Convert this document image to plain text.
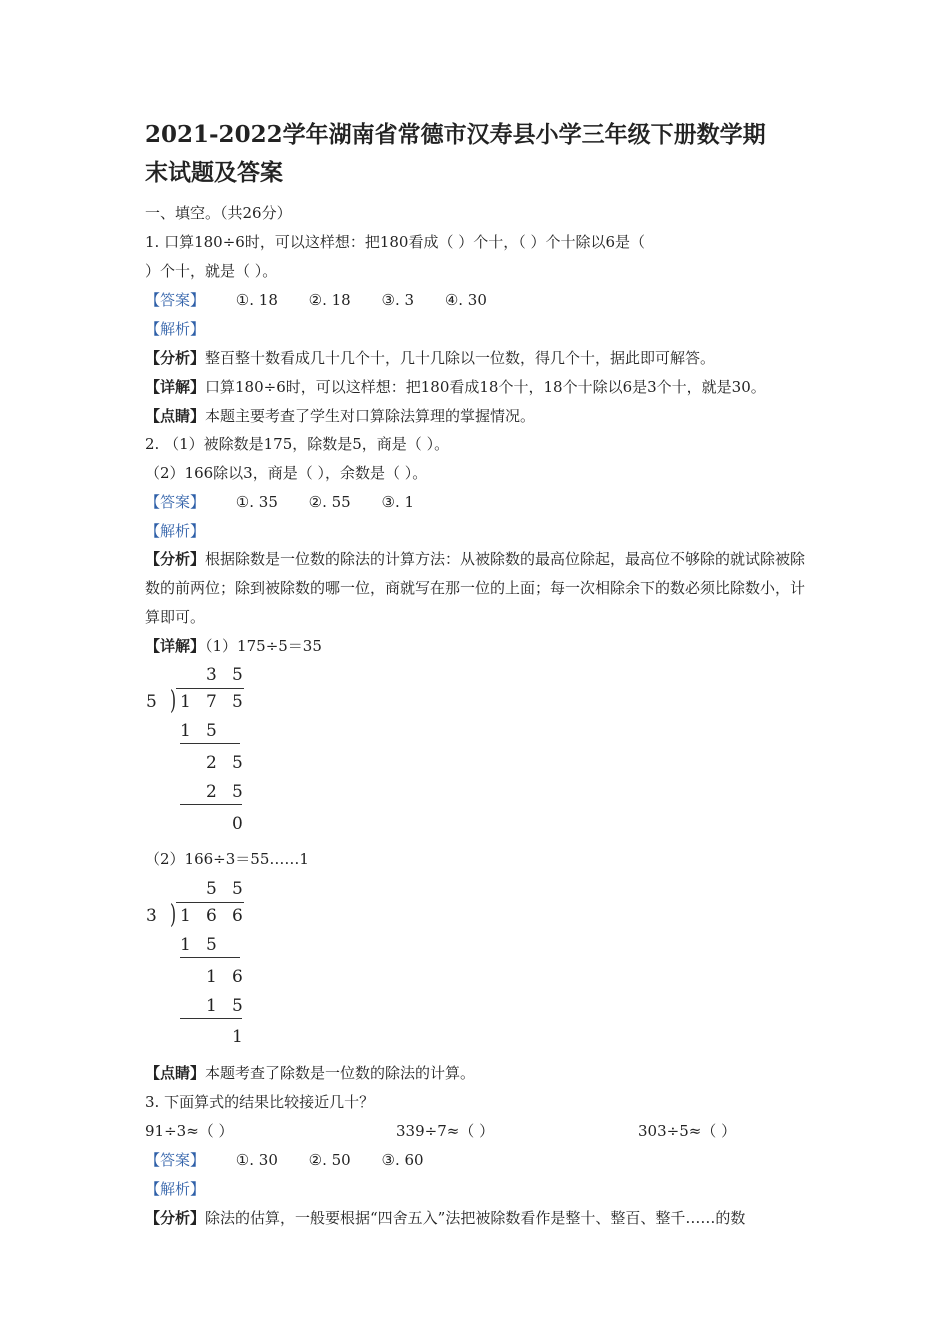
2021-2022学年湖南省常德市汉寿县小学三年级下册数学期
末试题及答案
一、填空。（共26分）
1. 口算180÷6时，可以这样想：把180看成（ ）个十，（ ）个十除以6是（
）个十，就是（ ）。
【答案】 ①. 18 ②. 18 ③. 3 ④. 30
【解析】
【分析】整百整十数看成几十几个十，几十几除以一位数，得几个十，据此即可解答。
【详解】口算180÷6时，可以这样想：把180看成18个十，18个十除以6是3个十，就是30。
【点睛】本题主要考查了学生对口算除法算理的掌握情况。
2. （1）被除数是175，除数是5，商是（ ）。
（2）166除以3，商是（ ），余数是（ ）。
【答案】 ①. 35 ②. 55 ③. 1
【解析】
【分析】根据除数是一位数的除法的计算方法：从被除数的最高位除起，最高位不够除的就试除被除数的前两位；除到被除数的哪一位，商就写在那一位的上面；每一次相除余下的数必须比除数小，计算即可。
【详解】（1）175÷5＝35
3 5
5 ) 1 7 5
1 5
2 5
2 5
0
（2）166÷3＝55……1
5 5
3 ) 1 6 6
1 5
1 6
1 5
1
【点睛】本题考查了除数是一位数的除法的计算。
3. 下面算式的结果比较接近几十？
91÷3≈（ ）	339÷7≈（ ）	303÷5≈（ ）
【答案】 ①. 30 ②. 50 ③. 60
【解析】
【分析】除法的估算，一般要根据“四舍五入”法把被除数看作是整十、整百、整千……的数
